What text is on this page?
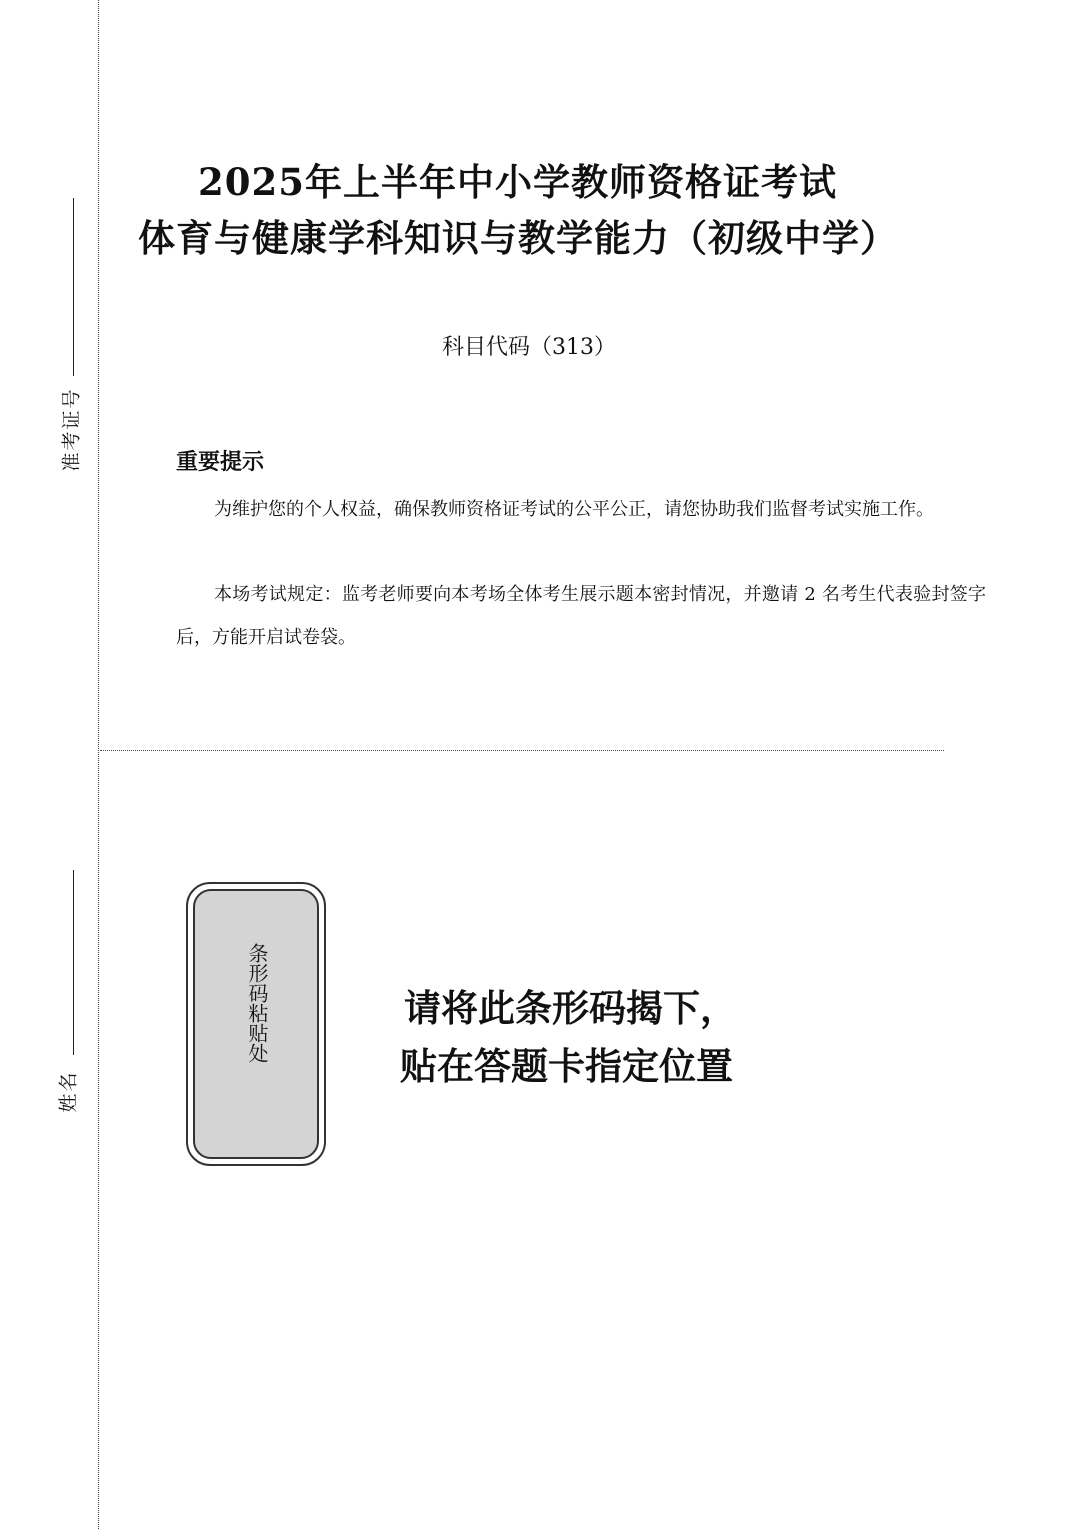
准考证号
姓名
2025年上半年中小学教师资格证考试
体育与健康学科知识与教学能力（初级中学）
科目代码（313）
重要提示
为维护您的个人权益，确保教师资格证考试的公平公正，请您协助我们监督考试实施工作。
本场考试规定：监考老师要向本考场全体考生展示题本密封情况，并邀请 2 名考生代表验封签字后，方能开启试卷袋。
条形码粘贴处	请将此条形码揭下，
贴在答题卡指定位置
